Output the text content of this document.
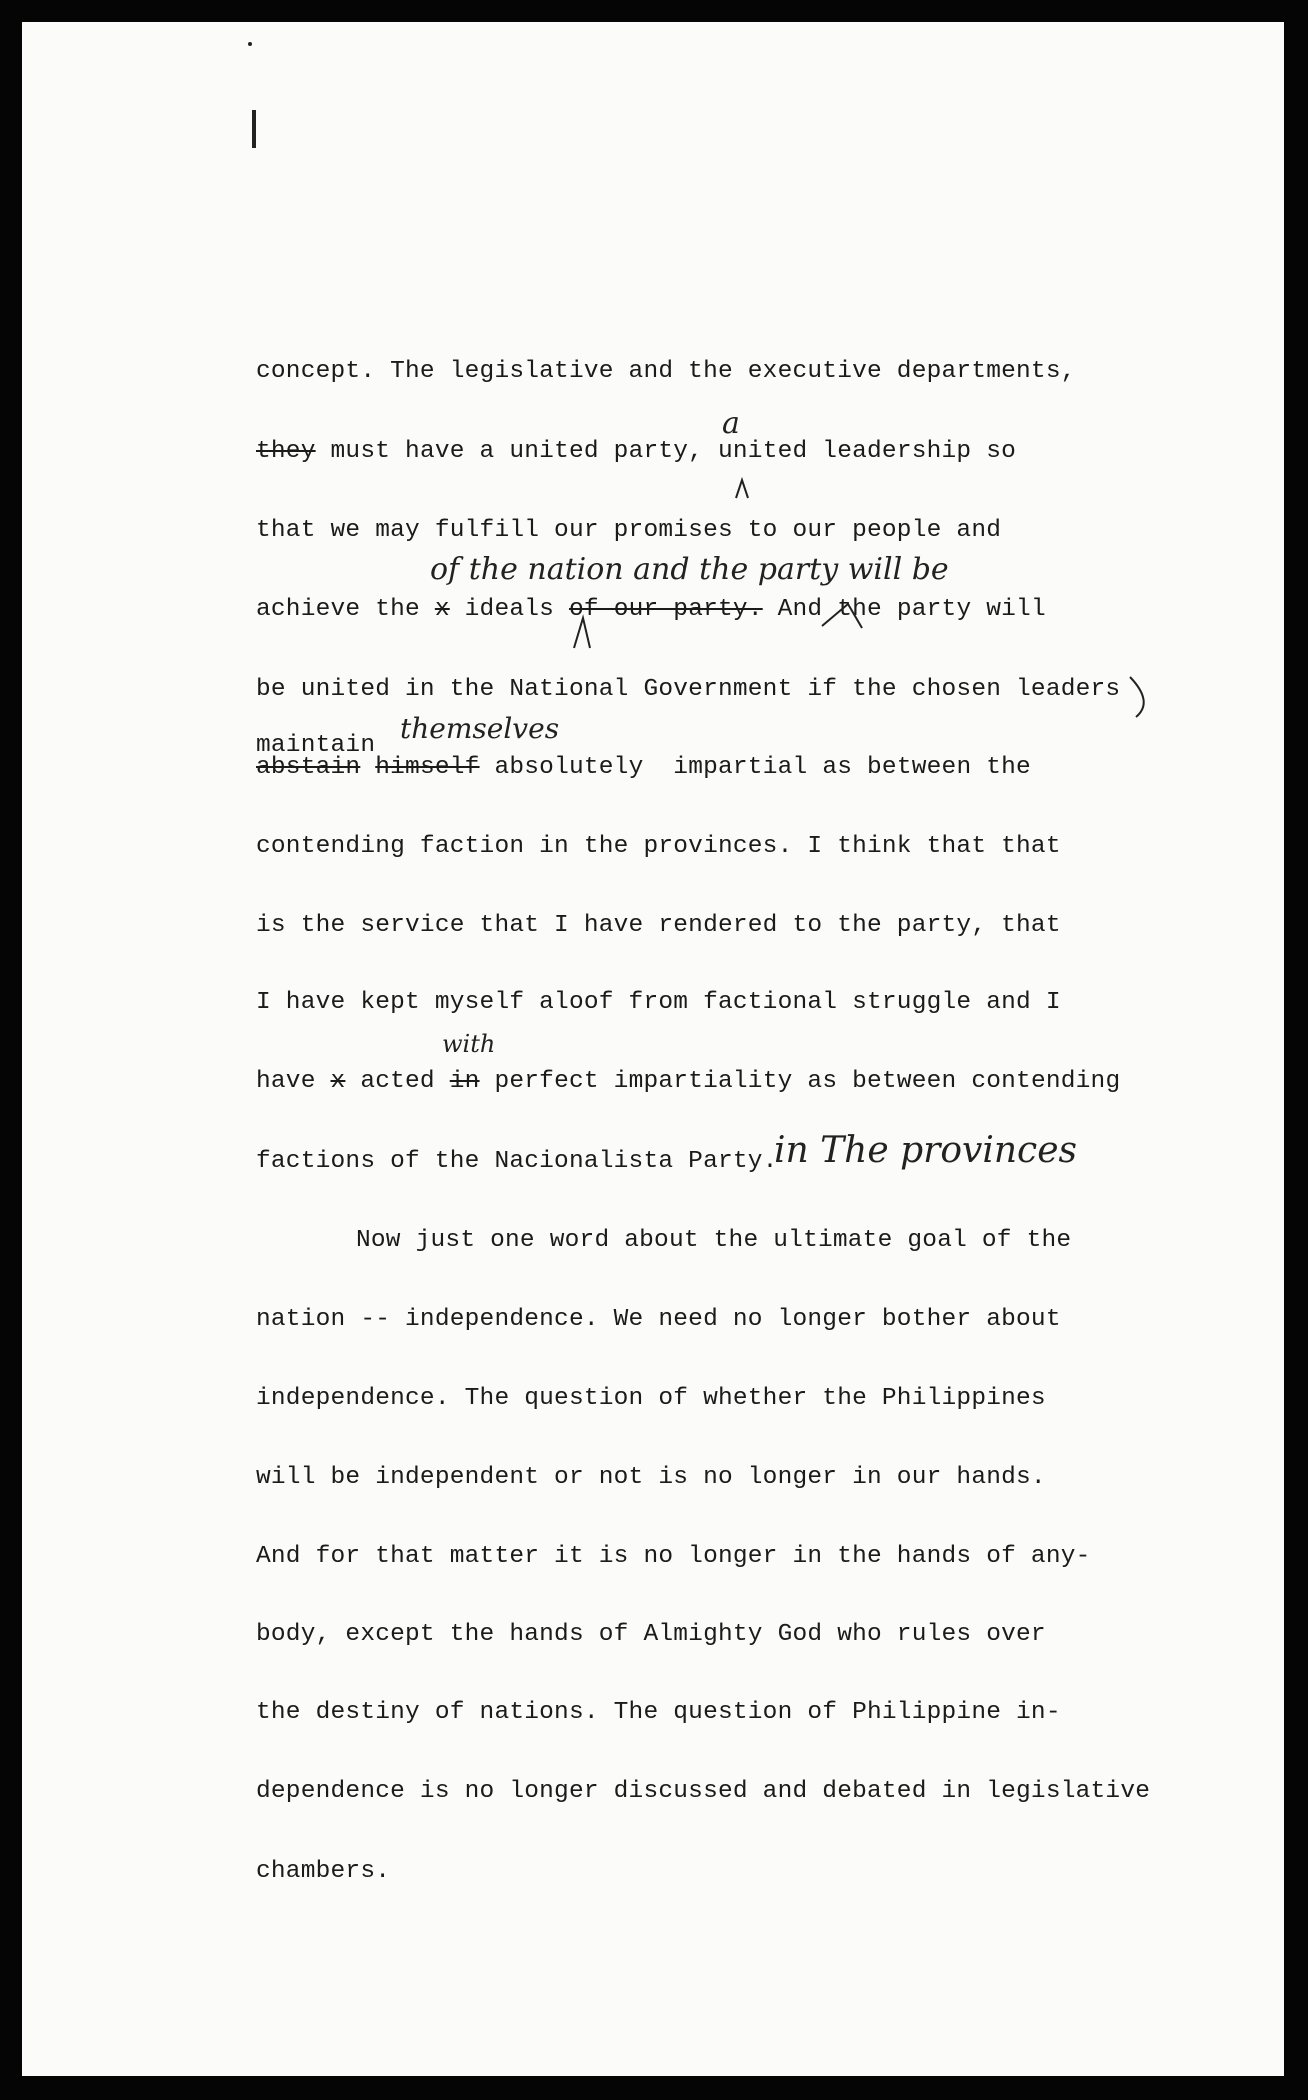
concept. The legislative and the executive departments,
they must have a united party, united leadership so
that we may fulfill our promises to our people and
achieve the x ideals of our party. And the party will
be united in the National Government if the chosen leaders
maintain
abstain himself absolutely  impartial as between the
contending faction in the provinces. I think that that
is the service that I have rendered to the party, that
I have kept myself aloof from factional struggle and I
have x acted in perfect impartiality as between contending
factions of the Nacionalista Party.
Now just one word about the ultimate goal of the
nation -- independence. We need no longer bother about
independence. The question of whether the Philippines
will be independent or not is no longer in our hands.
And for that matter it is no longer in the hands of any-
body, except the hands of Almighty God who rules over
the destiny of nations. The question of Philippine in-
dependence is no longer discussed and debated in legislative
chambers.
a
of the nation and the party will be
themselves
with
in The provinces
